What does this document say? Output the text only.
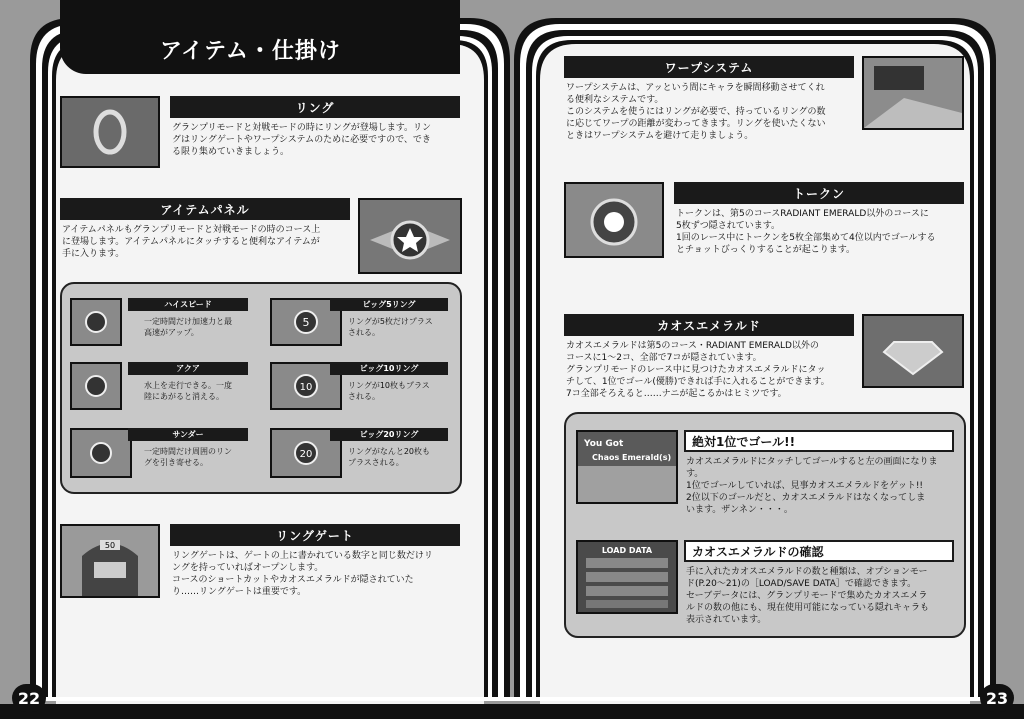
アイテム・仕掛け
リング
グランプリモードと対戦モードの時にリングが登場します。リン
グはリングゲートやワープシステムのために必要ですので、でき
る限り集めていきましょう。
アイテムパネル
アイテムパネルもグランプリモードと対戦モードの時のコース上
に登場します。アイテムパネルにタッチすると便利なアイテムが
手に入ります。
ハイスピード
一定時間だけ加速力と最
高速がアップ。
5
ビッグ5リング
リングが5枚だけプラス
される。
アクア
水上を走行できる。一度
陸にあがると消える。
10
ビッグ10リング
リングが10枚もプラス
される。
サンダー
一定時間だけ周囲のリン
グを引き寄せる。
20
ビッグ20リング
リングがなんと20枚も
プラスされる。
50
リングゲート
リングゲートは、ゲートの上に書かれている数字と同じ数だけリ
ングを持っていればオープンします。
コースのショートカットやカオスエメラルドが隠されていた
り……リングゲートは重要です。
22
ワープシステム
ワープシステムは、アッという間にキャラを瞬間移動させてくれ
る便利なシステムです。
このシステムを使うにはリングが必要で、持っているリングの数
に応じてワープの距離が変わってきます。リングを使いたくない
ときはワープシステムを避けて走りましょう。
トークン
トークンは、第5のコースRADIANT EMERALD以外のコースに
5枚ずつ隠されています。
1回のレース中にトークンを5枚全部集めて4位以内でゴールする
とチョットびっくりすることが起こります。
カオスエメラルド
カオスエメラルドは第5のコース・RADIANT EMERALD以外の
コースに1〜2コ、全部で7コが隠されています。
グランプリモードのレース中に見つけたカオスエメラルドにタッ
チして、1位でゴール(優勝)できれば手に入れることができます。
7コ全部そろえると……ナニが起こるかはヒミツです。
You Got
Chaos Emerald(s)
絶対1位でゴール!!
カオスエメラルドにタッチしてゴールすると左の画面になりま
す。
1位でゴールしていれば、見事カオスエメラルドをゲット!!
2位以下のゴールだと、カオスエメラルドはなくなってしま
います。ザンネン・・・。
LOAD DATA	カオスエメラルドの確認
手に入れたカオスエメラルドの数と種類は、オプションモー
ド(P.20〜21)の［LOAD/SAVE DATA］で確認できます。
セーブデータには、グランプリモードで集めたカオスエメラ
ルドの数の他にも、現在使用可能になっている隠れキャラも
表示されています。
23
